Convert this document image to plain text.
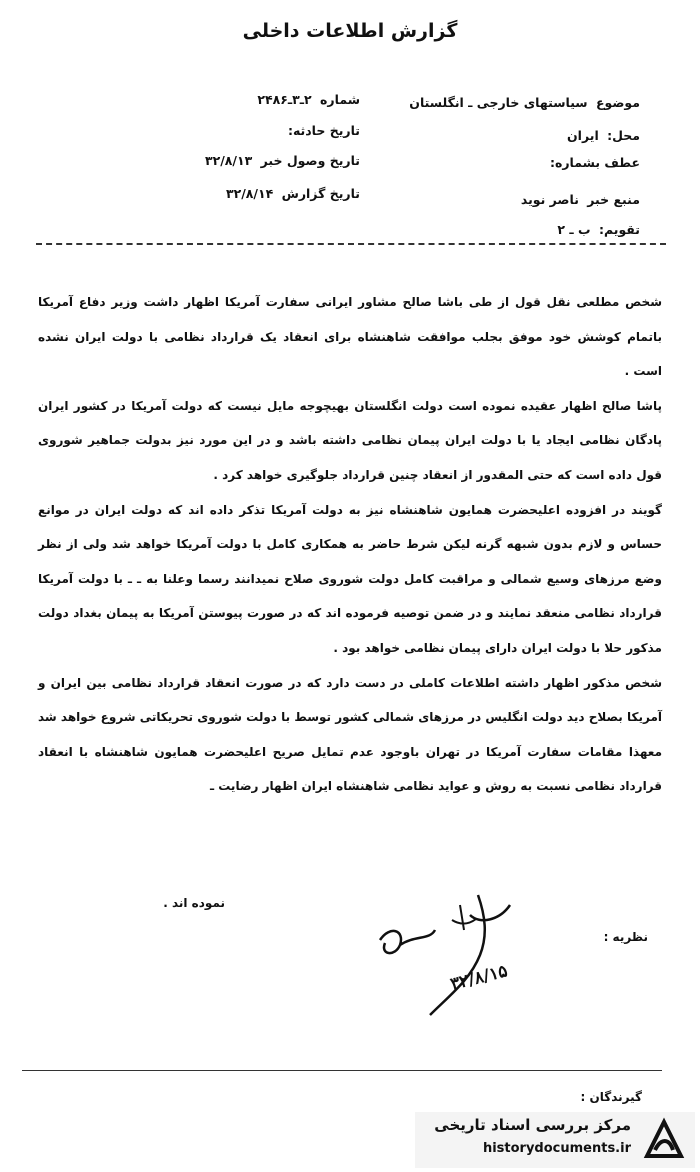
گزارش اطلاعات داخلی
موضوع سیاستهای خارجی ـ انگلستان
محل: ایران
عطف بشماره:
منبع خبر ناصر نوید
تقویم: ب ـ ۲
شماره ۲ـ۳ـ۲۴۸۶
تاریخ حادثه:
تاریخ وصول خبر ۳۲/۸/۱۳
تاریخ گزارش ۳۲/۸/۱۴

شخص مطلعی نقل قول از طی باشا صالح مشاور ایرانی سفارت آمریکا اظهار داشت وزیر دفاع آمریکا باتمام کوشش خود موفق بجلب موافقت شاهنشاه برای انعقاد یک قرارداد نظامی با دولت ایران نشده است .

پاشا صالح اظهار عقیده نموده است دولت انگلستان بهیچوجه مایل نیست که دولت آمریکا در کشور ایران پادگان نظامی ایجاد یا با دولت ایران پیمان نظامی داشته باشد و در این مورد نیز بدولت جماهیر شوروی قول داده است که حتی المقدور از انعقاد چنین قرارداد جلوگیری خواهد کرد .

گویند در افزوده اعلیحضرت همایون شاهنشاه نیز به دولت آمریکا تذکر داده اند که دولت ایران در موانع حساس و لازم بدون شبهه گرنه لیکن شرط حاضر به همکاری کامل با دولت آمریکا خواهد شد ولی از نظر وضع مرزهای وسیع شمالی و مراقبت کامل دولت شوروی صلاح نمیدانند رسما وعلنا به ـ ـ با دولت آمریکا قرارداد نظامی منعقد نمایند و در ضمن توصیه فرموده اند که در صورت پیوستن آمریکا به پیمان بغداد دولت مذکور حلا با دولت ایران دارای پیمان نظامی خواهد بود .

شخص مذکور اظهار داشته اطلاعات کاملی در دست دارد که در صورت انعقاد قرارداد نظامی بین ایران و آمریکا بصلاح دید دولت انگلیس در مرزهای شمالی کشور توسط با دولت شوروی تحریکاتی شروع خواهد شد معهذا مقامات سفارت آمریکا در تهران باوجود عدم تمایل صریح اعلیحضرت همایون شاهنشاه با انعقاد قرارداد نظامی نسبت به روش و عواید نظامی شاهنشاه ایران اظهار رضایت ـ

نموده اند .
نظریه :
۳۲/۸/۱۵
گیرندگان :
مرکز بررسی اسناد تاریخی
historydocuments.ir
